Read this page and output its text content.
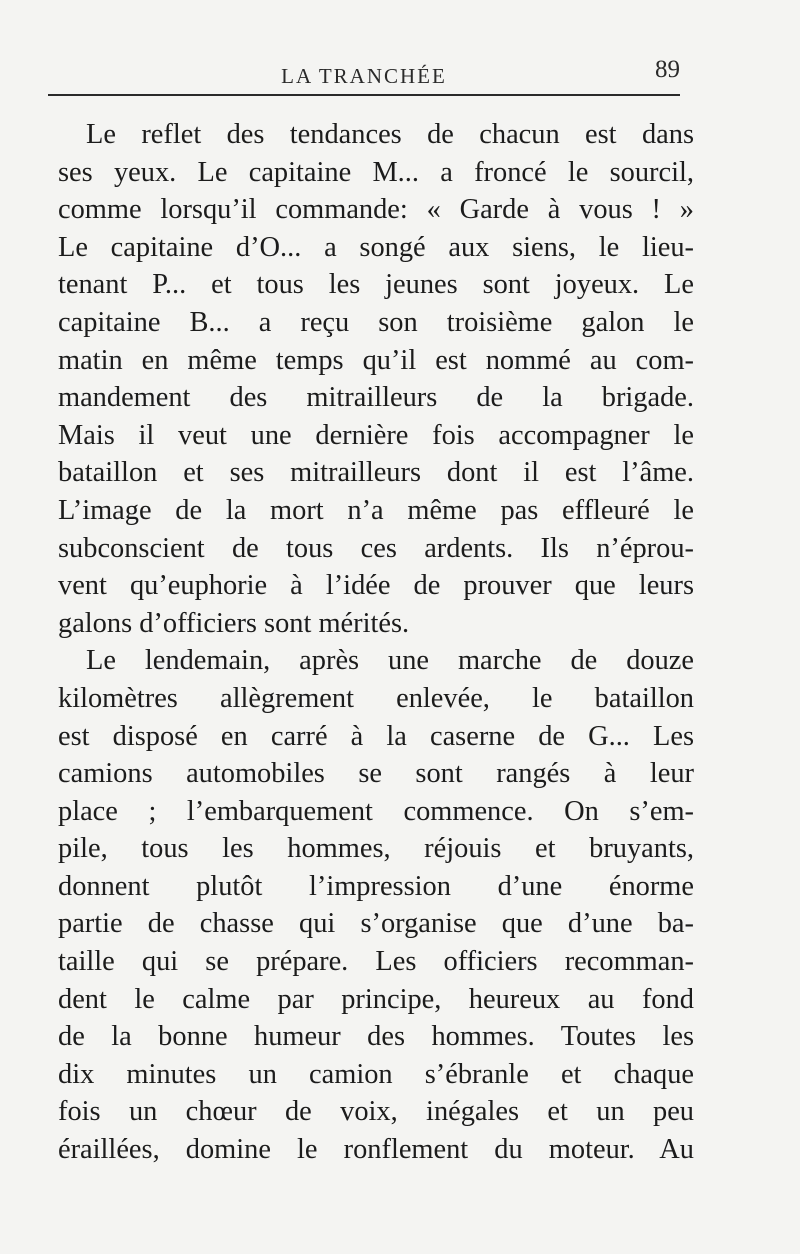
LA TRANCHÉE	89

Le reflet des tendances de chacun est dans
ses yeux. Le capitaine M... a froncé le sourcil,
comme lorsqu’il commande: « Garde à vous ! »
Le capitaine d’O... a songé aux siens, le lieu-
tenant P... et tous les jeunes sont joyeux. Le
capitaine B... a reçu son troisième galon le
matin en même temps qu’il est nommé au com-
mandement des mitrailleurs de la brigade.
Mais il veut une dernière fois accompagner le
bataillon et ses mitrailleurs dont il est l’âme.
L’image de la mort n’a même pas effleuré le
subconscient de tous ces ardents. Ils n’éprou-
vent qu’euphorie à l’idée de prouver que leurs
galons d’officiers sont mérités.

Le lendemain, après une marche de douze
kilomètres allègrement enlevée, le bataillon
est disposé en carré à la caserne de G... Les
camions automobiles se sont rangés à leur
place ; l’embarquement commence. On s’em-
pile, tous les hommes, réjouis et bruyants,
donnent plutôt l’impression d’une énorme
partie de chasse qui s’organise que d’une ba-
taille qui se prépare. Les officiers recomman-
dent le calme par principe, heureux au fond
de la bonne humeur des hommes. Toutes les
dix minutes un camion s’ébranle et chaque
fois un chœur de voix, inégales et un peu
éraillées, domine le ronflement du moteur. Au
